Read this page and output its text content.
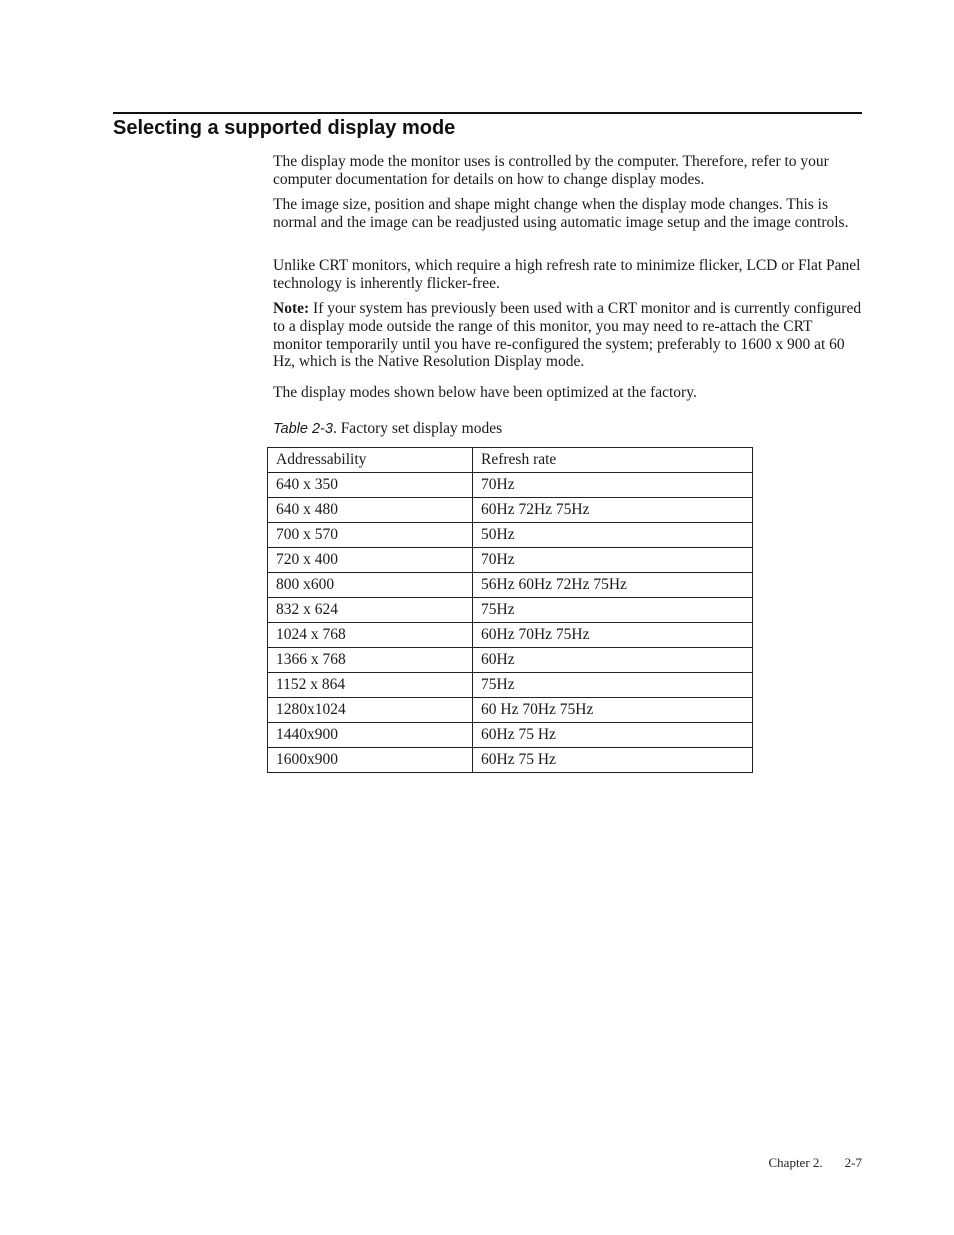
Selecting a supported display mode

The display mode the monitor uses is controlled by the computer. Therefore, refer to your computer documentation for details on how to change display modes.

The image size, position and shape might change when the display mode changes. This is normal and the image can be readjusted using automatic image setup and the image controls.

Unlike CRT monitors, which require a high refresh rate to minimize flicker, LCD or Flat Panel technology is inherently flicker-free.

Note: If your system has previously been used with a CRT monitor and is currently configured to a display mode outside the range of this monitor, you may need to re-attach the CRT monitor temporarily until you have re-configured the system; preferably to 1600 x 900 at 60 Hz, which is the Native Resolution Display mode.

The display modes shown below have been optimized at the factory.

Table 2-3. Factory set display modes
Addressability	Refresh rate
640 x 350	70Hz
640 x 480	60Hz 72Hz 75Hz
700 x 570	50Hz
720 x 400	70Hz
800 x600	56Hz 60Hz 72Hz 75Hz
832 x 624	75Hz
1024 x 768	60Hz 70Hz 75Hz
1366 x 768	60Hz
1152 x 864	75Hz
1280x1024	60 Hz 70Hz 75Hz
1440x900	60Hz 75 Hz
1600x900	60Hz 75 Hz
Chapter 2. 2-7
